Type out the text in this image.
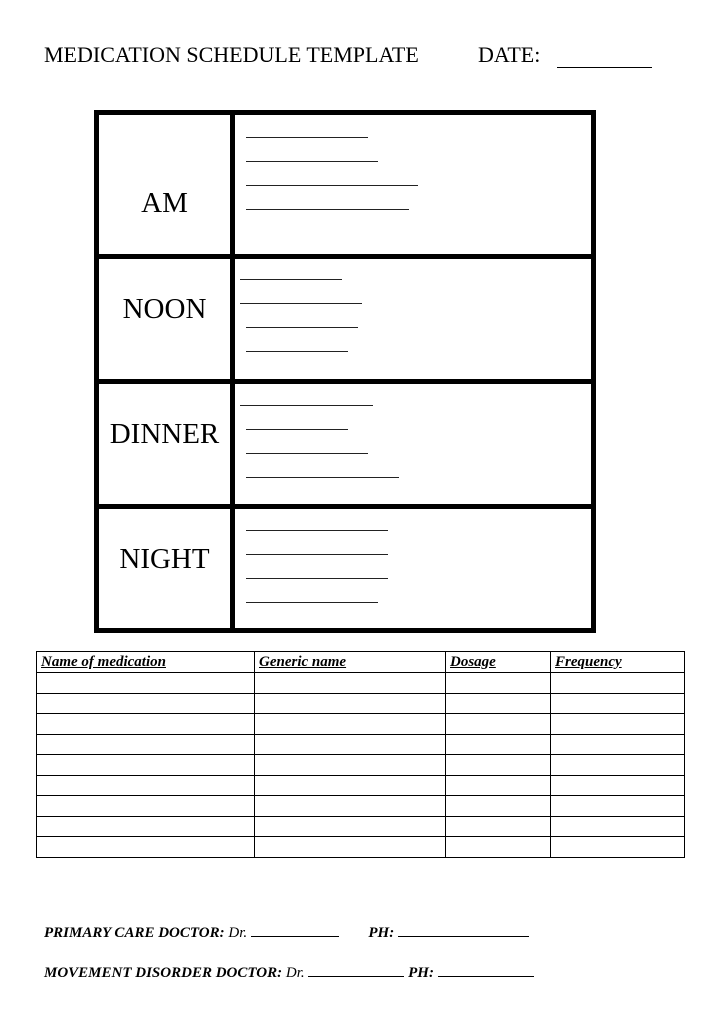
MEDICATION SCHEDULE TEMPLATE	DATE:
AM
NOON
DINNER
NIGHT
Name of medication	Generic name	Dosage	Frequency

PRIMARY CARE DOCTOR: Dr.	PH:
MOVEMENT DISORDER DOCTOR: Dr.	PH:
